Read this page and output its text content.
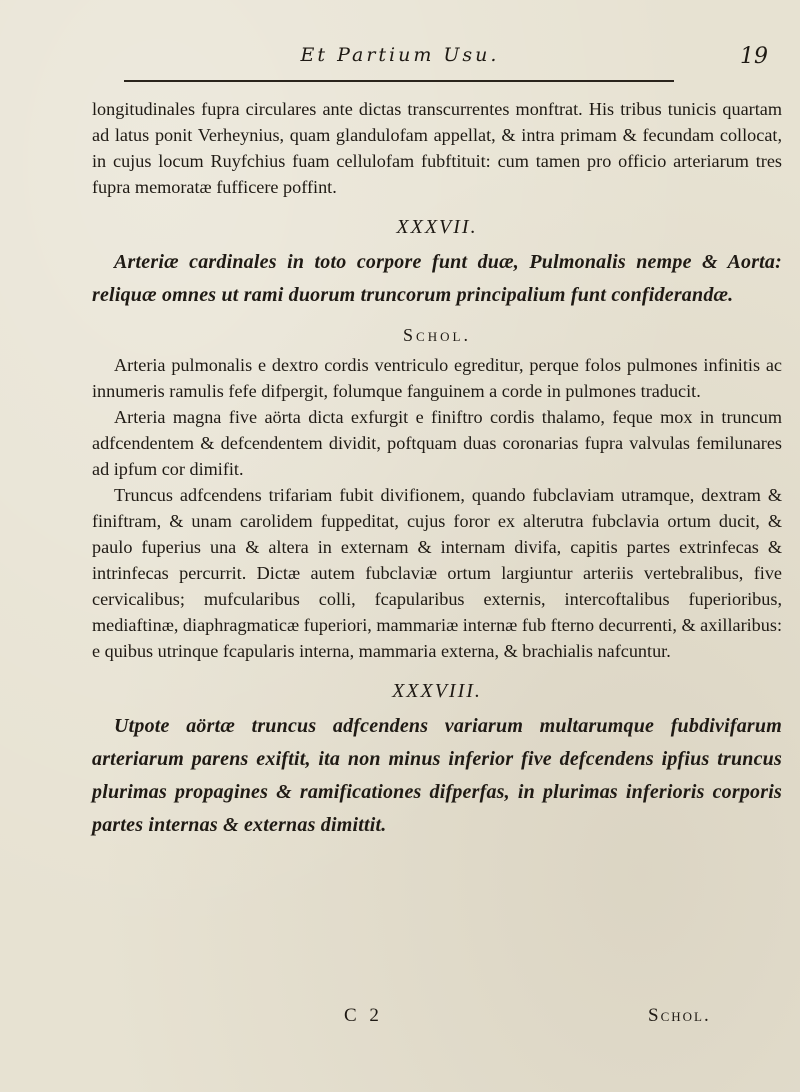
Et Partium Usu.	19

longitudinales fupra circulares ante dictas transcurrentes monftrat. His tribus tunicis quartam ad latus ponit Verheynius, quam glandulofam appellat, & intra primam & fecundam collocat, in cujus locum Ruyfchius fuam cellulofam fubftituit: cum tamen pro officio arteriarum tres fupra memoratæ fufficere poffint.

XXXVII.

Arteriæ cardinales in toto corpore funt duæ, Pulmonalis nempe & Aorta: reliquæ omnes ut rami duorum truncorum principalium funt confiderandæ.

Schol.

Arteria pulmonalis e dextro cordis ventriculo egreditur, perque folos pulmones infinitis ac innumeris ramulis fefe difpergit, folumque fanguinem a corde in pulmones traducit.

Arteria magna five aörta dicta exfurgit e finiftro cordis thalamo, feque mox in truncum adfcendentem & defcendentem dividit, poftquam duas coronarias fupra valvulas femilunares ad ipfum cor dimifit.

Truncus adfcendens trifariam fubit divifionem, quando fubclaviam utramque, dextram & finiftram, & unam carolidem fuppeditat, cujus foror ex alterutra fubclavia ortum ducit, & paulo fuperius una & altera in externam & internam divifa, capitis partes extrinfecas & intrinfecas percurrit. Dictæ autem fubclaviæ ortum largiuntur arteriis vertebralibus, five cervicalibus; mufcularibus colli, fcapularibus externis, intercoftalibus fuperioribus, mediaftinæ, diaphragmaticæ fuperiori, mammariæ internæ fub fterno decurrenti, & axillaribus: e quibus utrinque fcapularis interna, mammaria externa, & brachialis nafcuntur.

XXXVIII.

Utpote aörtæ truncus adfcendens variarum multarumque fubdivifarum arteriarum parens exiftit, ita non minus inferior five defcendens ipfius truncus plurimas propagines & ramificationes difperfas, in plurimas inferioris corporis partes internas & externas dimittit.

C 2	Schol.
